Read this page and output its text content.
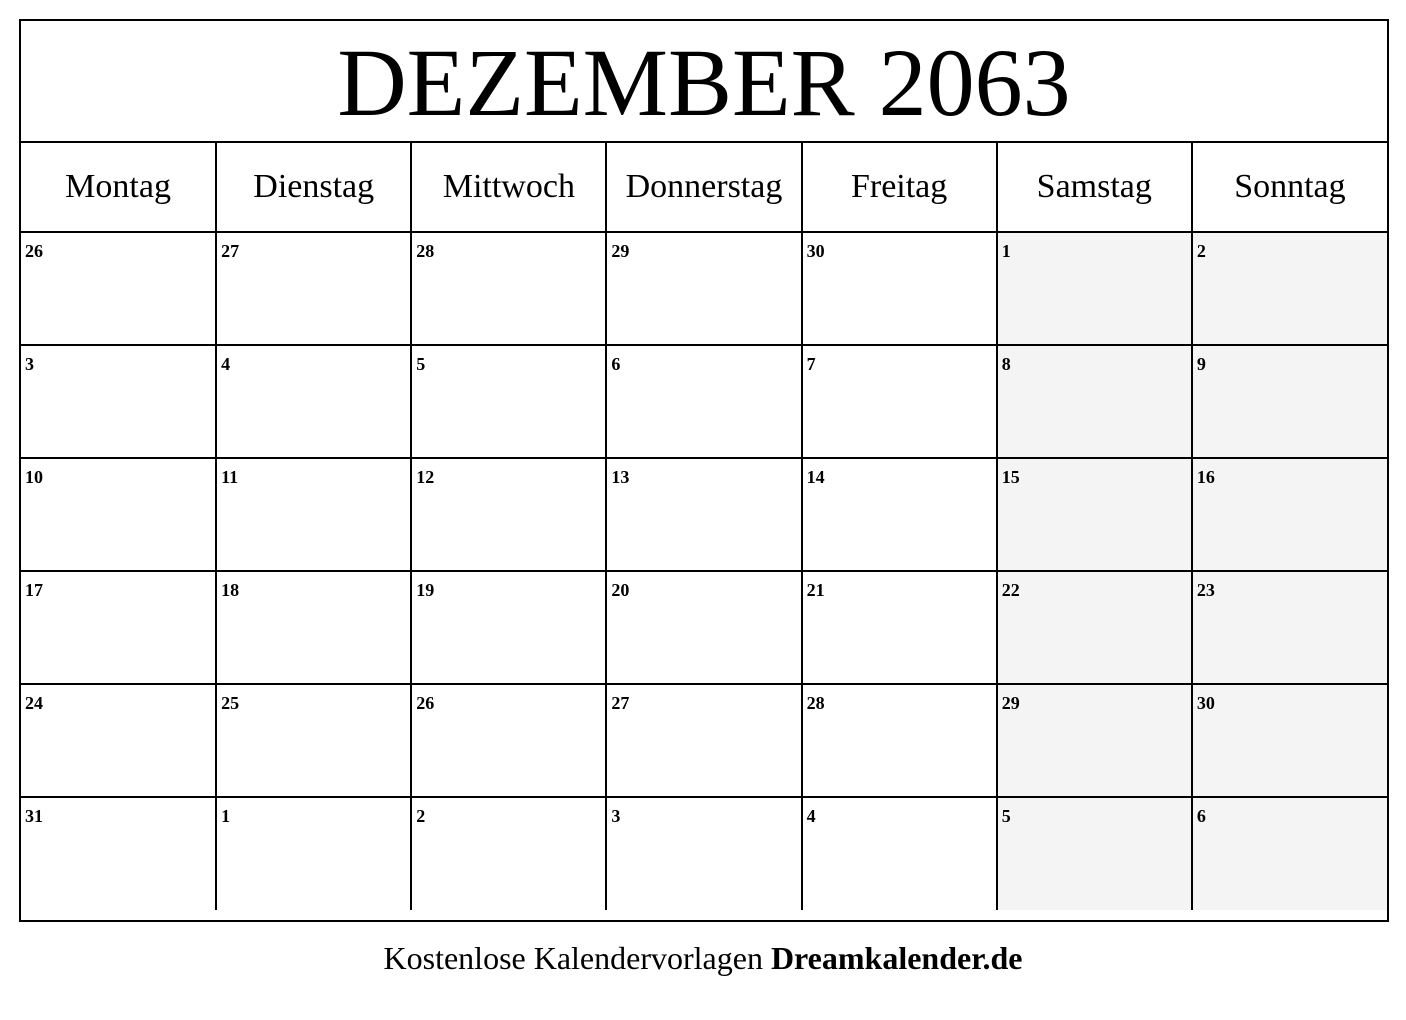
DEZEMBER 2063
Montag	Dienstag	Mittwoch	Donnerstag	Freitag	Samstag	Sonntag

26	27	28	29	30	1	2

3	4	5	6	7	8	9

10	11	12	13	14	15	16

17	18	19	20	21	22	23

24	25	26	27	28	29	30

31	1	2	3	4	5	6
Kostenlose Kalendervorlagen Dreamkalender.de
